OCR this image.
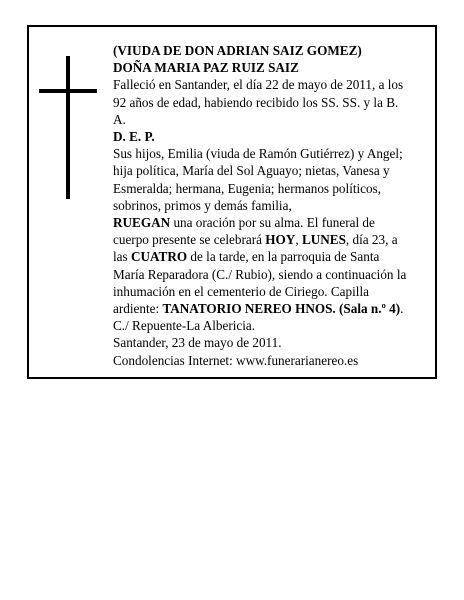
(VIUDA DE DON ADRIAN SAIZ GOMEZ)
DOÑA MARIA PAZ RUIZ SAIZ
Falleció en Santander, el día 22 de mayo de 2011, a los
92 años de edad, habiendo recibido los SS. SS. y la B.
A.
D. E. P.
Sus hijos, Emilia (viuda de Ramón Gutiérrez) y Angel;
hija política, María del Sol Aguayo; nietas, Vanesa y
Esmeralda; hermana, Eugenia; hermanos políticos,
sobrinos, primos y demás familia,
RUEGAN una oración por su alma. El funeral de
cuerpo presente se celebrará HOY, LUNES, día 23, a
las CUATRO de la tarde, en la parroquia de Santa
María Reparadora (C./ Rubio), siendo a continuación la
inhumación en el cementerio de Ciriego. Capilla
ardiente: TANATORIO NEREO HNOS. (Sala n.º 4).
C./ Repuente-La Albericia.
Santander, 23 de mayo de 2011.
Condolencias Internet: www.funerarianereo.es
